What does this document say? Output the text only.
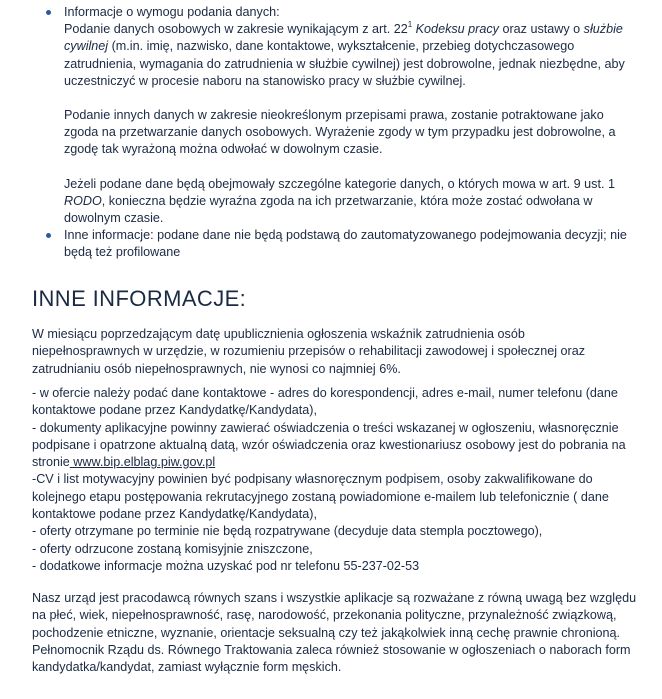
Informacje o wymogu podania danych:
Podanie danych osobowych w zakresie wynikającym z art. $22^1$ Kodeksu pracy oraz ustawy o służbie
cywilnej (m.in. imię, nazwisko, dane kontaktowe, wykształcenie, przebieg dotychczasowego
zatrudnienia, wymagania do zatrudnienia w służbie cywilnej) jest dobrowolne, jednak niezbędne, aby
uczestniczyć w procesie naboru na stanowisko pracy w służbie cywilnej.
Podanie innych danych w zakresie nieokreślonym przepisami prawa, zostanie potraktowane jako
zgoda na przetwarzanie danych osobowych. Wyrażenie zgody w tym przypadku jest dobrowolne, a
zgodę tak wyrażoną można odwołać w dowolnym czasie.
Jeżeli podane dane będą obejmowały szczególne kategorie danych, o których mowa w art. 9 ust. 1
RODO, konieczna będzie wyraźna zgoda na ich przetwarzanie, która może zostać odwołana w
dowolnym czasie.
Inne informacje: podane dane nie będą podstawą do zautomatyzowanego podejmowania decyzji; nie
będą też profilowane
INNE INFORMACJE:

W miesiącu poprzedzającym datę upublicznienia ogłoszenia wskaźnik zatrudnienia osób
niepełnosprawnych w urzędzie, w rozumieniu przepisów o rehabilitacji zawodowej i społecznej oraz
zatrudnianiu osób niepełnosprawnych, nie wynosi co najmniej 6%.

- w ofercie należy podać dane kontaktowe - adres do korespondencji, adres e-mail, numer telefonu (dane
kontaktowe podane przez Kandydatkę/Kandydata),
- dokumenty aplikacyjne powinny zawierać oświadczenia o treści wskazanej w ogłoszeniu, własnoręcznie
podpisane i opatrzone aktualną datą, wzór oświadczenia oraz kwestionariusz osobowy jest do pobrania na
stronie www.bip.elblag.piw.gov.pl
-CV i list motywacyjny powinien być podpisany własnoręcznym podpisem, osoby zakwalifikowane do
kolejnego etapu postępowania rekrutacyjnego zostaną powiadomione e-mailem lub telefonicznie ( dane
kontaktowe podane przez Kandydatkę/Kandydata),
- oferty otrzymane po terminie nie będą rozpatrywane (decyduje data stempla pocztowego),
- oferty odrzucone zostaną komisyjnie zniszczone,
- dodatkowe informacje można uzyskać pod nr telefonu 55-237-02-53

Nasz urząd jest pracodawcą równych szans i wszystkie aplikacje są rozważane z równą uwagą bez względu
na płeć, wiek, niepełnosprawność, rasę, narodowość, przekonania polityczne, przynależność związkową,
pochodzenie etniczne, wyznanie, orientacje seksualną czy też jakąkolwiek inną cechę prawnie chronioną.
Pełnomocnik Rządu ds. Równego Traktowania zaleca również stosowanie w ogłoszeniach o naborach form
kandydatka/kandydat, zamiast wyłącznie form męskich.
